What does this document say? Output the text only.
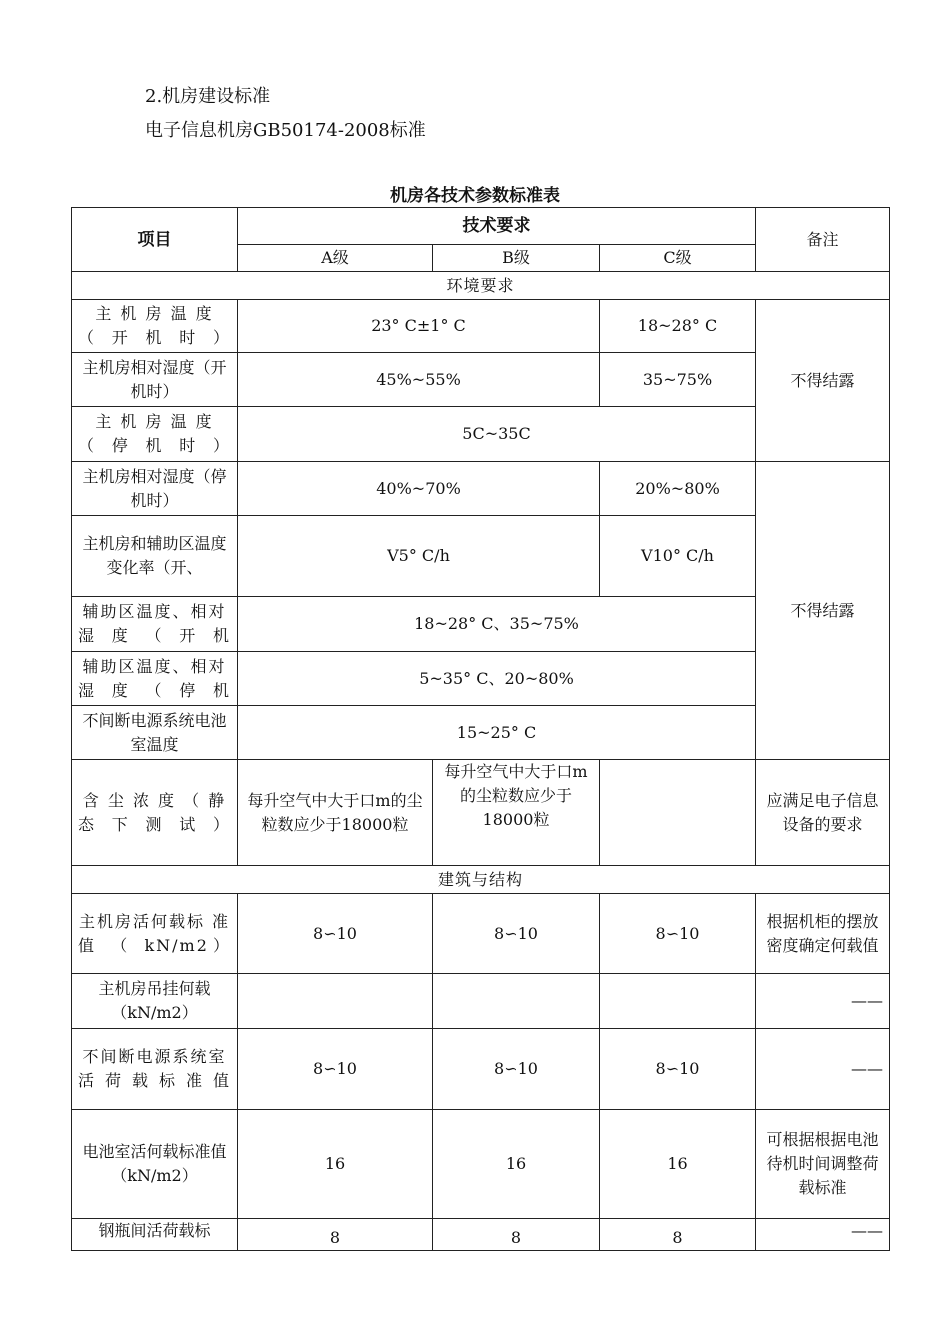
2.机房建设标准
电子信息机房GB50174-2008标准
机房各技术参数标准表
项目	技术要求			备注
	A级	B级	C级	
环境要求				
主 机 房 温 度 （开机时）	23° C±1° C		18~28° C	不得结露
主机房相对湿度（开机时）	45%~55%		35~75%	
主 机 房 温 度 （停机时）	5C~35C			
主机房相对湿度（停机时）	40%~70%		20%~80%	不得结露
主机房和辅助区温度变化率（开、	V5° C/h		V10° C/h	
辅助区温度、相对湿度（开机	18~28° C、35~75%			
辅助区温度、相对湿度（停机	5~35° C、20~80%			
不间断电源系统电池室温度	15~25° C			
含 尘 浓 度 （ 静态下测试）	每升空气中大于口m的尘粒数应少于18000粒	每升空气中大于口m的尘粒数应少于18000粒		应满足电子信息设备的要求
建筑与结构				
主机房活何载标 准 值 （ kN/m2）	8∽10	8∽10	8∽10	根据机柜的摆放密度确定何载值
主机房吊挂何载（kN/m2）				——
不间断电源系统室活荷载标准值	8∽10	8∽10	8∽10	——
电池室活何载标准值（kN/m2）	16	16	16	可根据根据电池待机时间调整荷载标准
钢瓶间活荷载标	8	8	8	——
